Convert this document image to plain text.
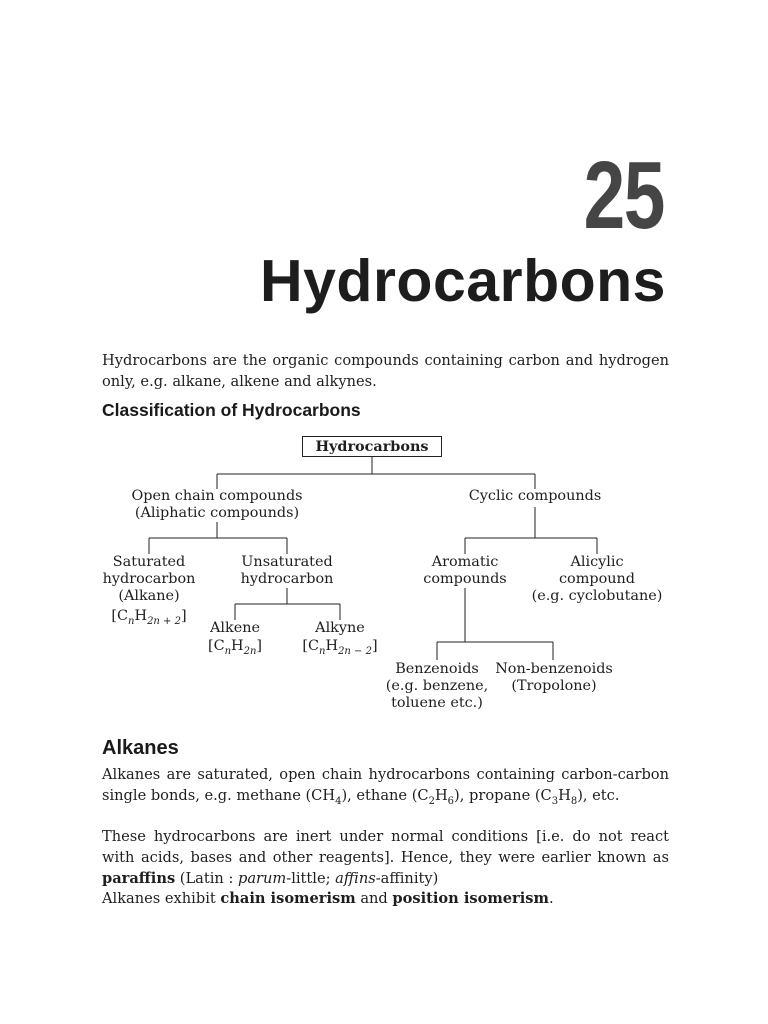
25
Hydrocarbons

Hydrocarbons are the organic compounds containing carbon and hydrogen only, e.g. alkane, alkene and alkynes.

Classification of Hydrocarbons
Hydrocarbons
Open chain compounds
(Aliphatic compounds)
Cyclic compounds
Saturated
hydrocarbon
(Alkane)
$[C_nH_{2n + 2}]$
Unsaturated
hydrocarbon
Alkene
$[C_nH_{2n}]$
Alkyne
$[C_nH_{2n - 2}]$
Aromatic
compounds
Alicylic
compound
(e.g. cyclobutane)
Benzenoids
(e.g. benzene,
toluene etc.)
Non-benzenoids
(Tropolone)
Alkanes

Alkanes are saturated, open chain hydrocarbons containing carbon-carbon single bonds, e.g. methane $(CH_4)$, ethane $(C_2H_6)$, propane $(C_3H_8)$, etc.

These hydrocarbons are inert under normal conditions [i.e. do not react with acids, bases and other reagents]. Hence, they were earlier known as paraffins (Latin : parum-little; affins-affinity)

Alkanes exhibit chain isomerism and position isomerism.
